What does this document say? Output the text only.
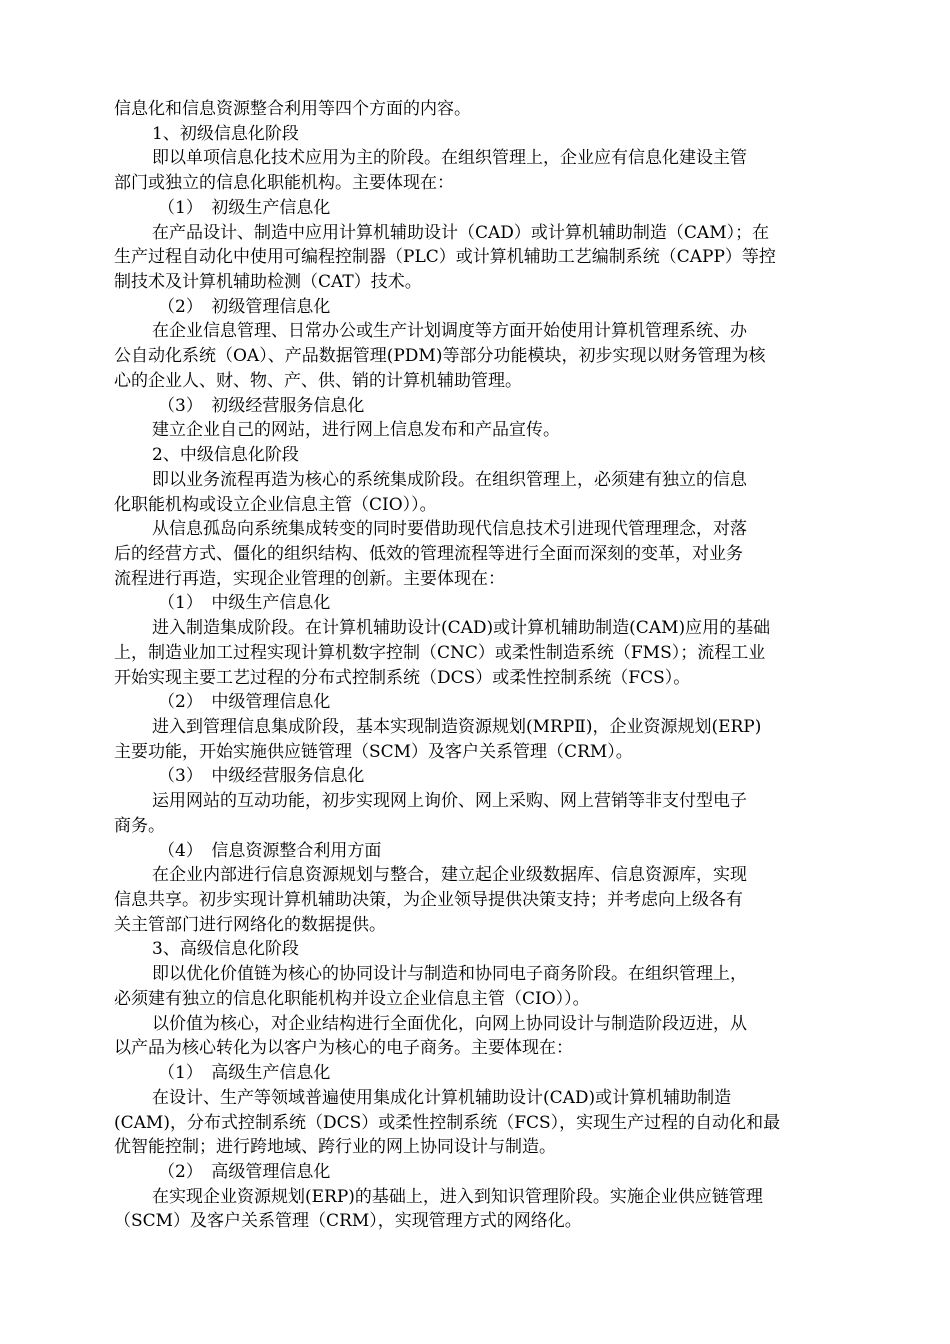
信息化和信息资源整合利用等四个方面的内容。
1、初级信息化阶段
即以单项信息化技术应用为主的阶段。在组织管理上，企业应有信息化建设主管
部门或独立的信息化职能机构。主要体现在：
（1）　初级生产信息化
在产品设计、制造中应用计算机辅助设计（CAD）或计算机辅助制造（CAM）；在
生产过程自动化中使用可编程控制器（PLC）或计算机辅助工艺编制系统（CAPP）等控
制技术及计算机辅助检测（CAT）技术。
（2）　初级管理信息化
在企业信息管理、日常办公或生产计划调度等方面开始使用计算机管理系统、办
公自动化系统（OA）、产品数据管理(PDM)等部分功能模块，初步实现以财务管理为核
心的企业人、财、物、产、供、销的计算机辅助管理。
（3）　初级经营服务信息化
建立企业自己的网站，进行网上信息发布和产品宣传。
2、中级信息化阶段
即以业务流程再造为核心的系统集成阶段。在组织管理上，必须建有独立的信息
化职能机构或设立企业信息主管（CIO））。
从信息孤岛向系统集成转变的同时要借助现代信息技术引进现代管理理念，对落
后的经营方式、僵化的组织结构、低效的管理流程等进行全面而深刻的变革，对业务
流程进行再造，实现企业管理的创新。主要体现在：
（1）　中级生产信息化
进入制造集成阶段。在计算机辅助设计(CAD)或计算机辅助制造(CAM)应用的基础
上，制造业加工过程实现计算机数字控制（CNC）或柔性制造系统（FMS）；流程工业
开始实现主要工艺过程的分布式控制系统（DCS）或柔性控制系统（FCS）。
（2）　中级管理信息化
进入到管理信息集成阶段，基本实现制造资源规划(MRPⅡ)，企业资源规划(ERP)
主要功能，开始实施供应链管理（SCM）及客户关系管理（CRM）。
（3）　中级经营服务信息化
运用网站的互动功能，初步实现网上询价、网上采购、网上营销等非支付型电子
商务。
（4）　信息资源整合利用方面
在企业内部进行信息资源规划与整合，建立起企业级数据库、信息资源库，实现
信息共享。初步实现计算机辅助决策，为企业领导提供决策支持；并考虑向上级各有
关主管部门进行网络化的数据提供。
3、高级信息化阶段
即以优化价值链为核心的协同设计与制造和协同电子商务阶段。在组织管理上，
必须建有独立的信息化职能机构并设立企业信息主管（CIO））。
以价值为核心，对企业结构进行全面优化，向网上协同设计与制造阶段迈进，从
以产品为核心转化为以客户为核心的电子商务。主要体现在：
（1）　高级生产信息化
在设计、生产等领域普遍使用集成化计算机辅助设计(CAD)或计算机辅助制造
(CAM)，分布式控制系统（DCS）或柔性控制系统（FCS），实现生产过程的自动化和最
优智能控制；进行跨地域、跨行业的网上协同设计与制造。
（2）　高级管理信息化
在实现企业资源规划(ERP)的基础上，进入到知识管理阶段。实施企业供应链管理
（SCM）及客户关系管理（CRM），实现管理方式的网络化。
